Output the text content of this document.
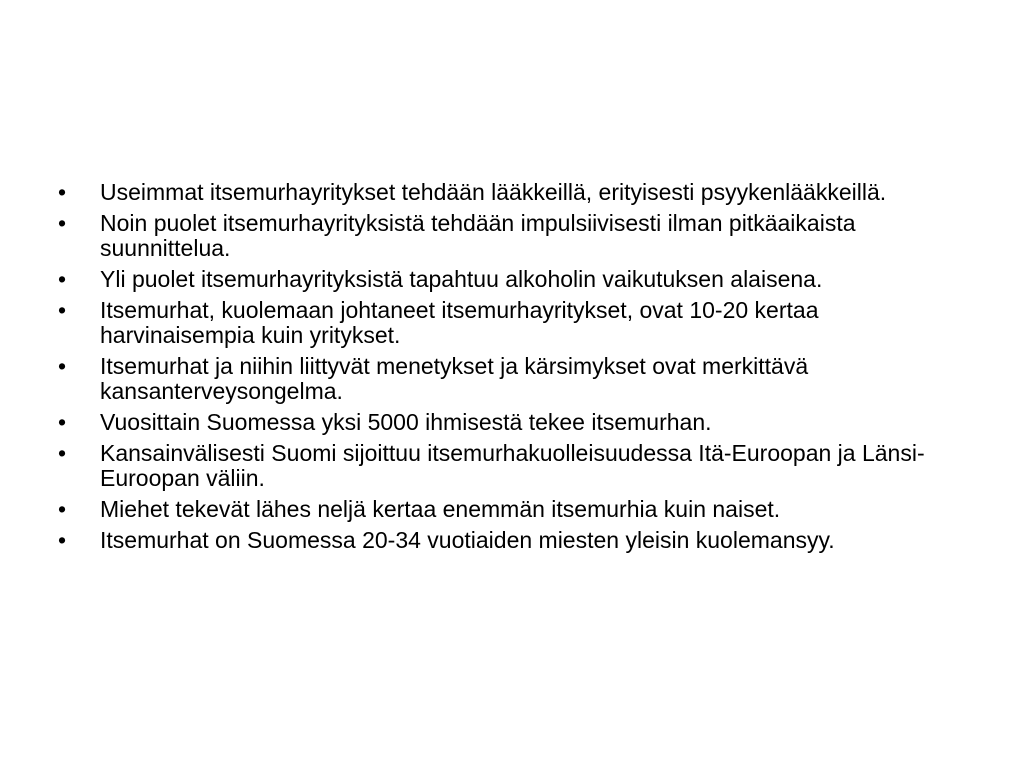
•	Useimmat itsemurhayritykset tehdään lääkkeillä, erityisesti psyykenlääkkeillä.
•	Noin puolet itsemurhayrityksistä tehdään impulsiivisesti ilman pitkäaikaista suunnittelua.
•	Yli puolet itsemurhayrityksistä tapahtuu alkoholin vaikutuksen alaisena.
•	Itsemurhat, kuolemaan johtaneet itsemurhayritykset, ovat 10-20 kertaa harvinaisempia kuin yritykset.
•	Itsemurhat ja niihin liittyvät menetykset ja kärsimykset ovat merkittävä kansanterveysongelma.
•	Vuosittain Suomessa yksi 5000 ihmisestä tekee itsemurhan.
•	Kansainvälisesti Suomi sijoittuu itsemurhakuolleisuudessa Itä-Euroopan ja Länsi-Euroopan väliin.
•	Miehet tekevät lähes neljä kertaa enemmän itsemurhia kuin naiset.
•	Itsemurhat on Suomessa 20-34 vuotiaiden miesten yleisin kuolemansyy.
